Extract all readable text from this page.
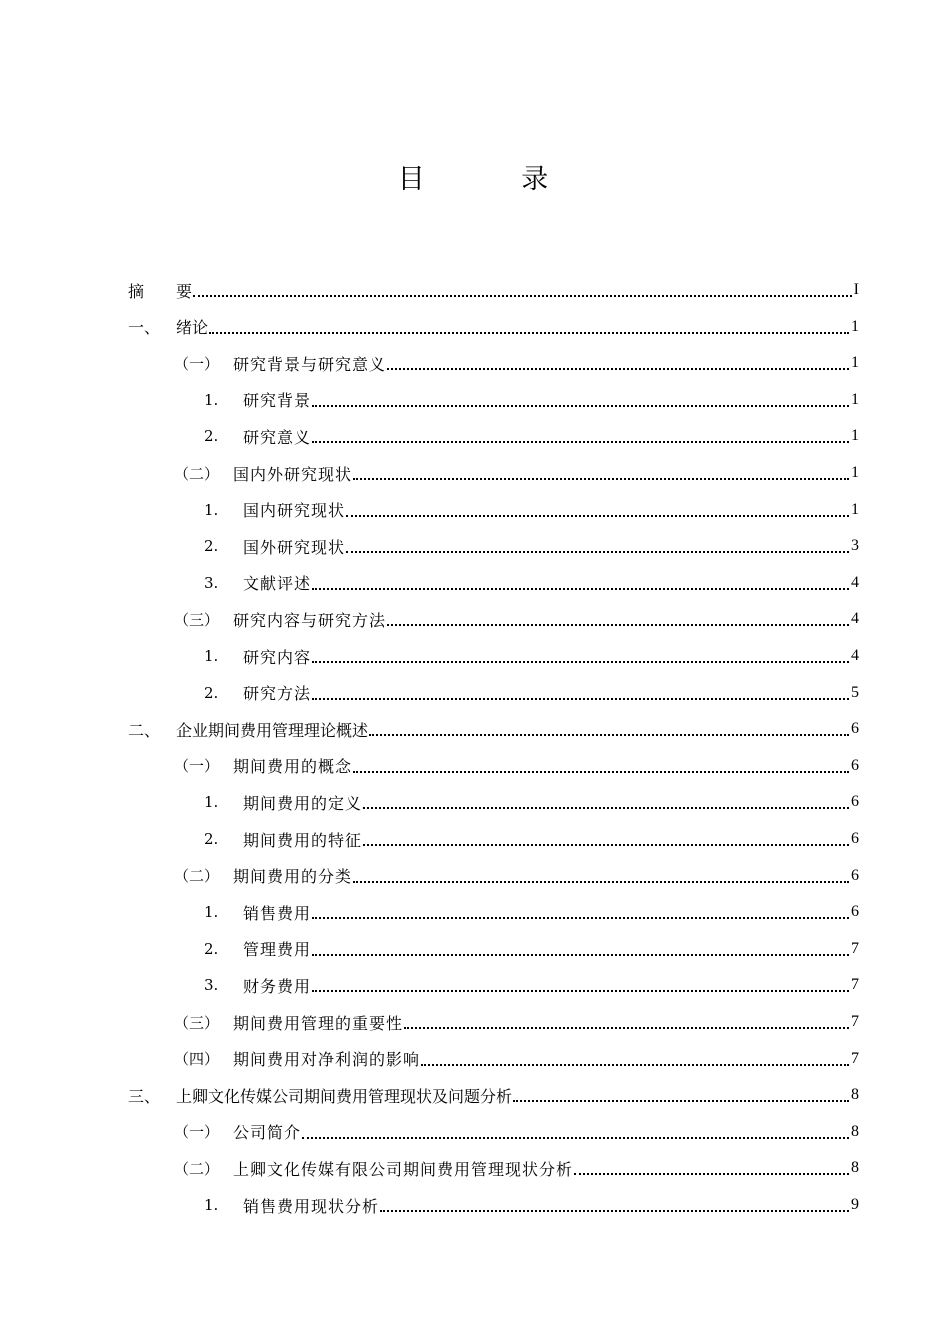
目 录
摘	要	I
一、 绪论	1
（一） 研究背景与研究意义	1
1.	研究背景	1
2.	研究意义	1
（二） 国内外研究现状	1
1.	国内研究现状	1
2.	国外研究现状	3
3.	文献评述	4
（三） 研究内容与研究方法	4
1.	研究内容	4
2.	研究方法	5
二、 企业期间费用管理理论概述	6
（一） 期间费用的概念	6
1.	期间费用的定义	6
2.	期间费用的特征	6
（二） 期间费用的分类	6
1.	销售费用	6
2.	管理费用	7
3.	财务费用	7
（三） 期间费用管理的重要性	7
（四） 期间费用对净利润的影响	7
三、 上卿文化传媒公司期间费用管理现状及问题分析	8
（一） 公司简介	8
（二） 上卿文化传媒有限公司期间费用管理现状分析	8
1.	销售费用现状分析	9
